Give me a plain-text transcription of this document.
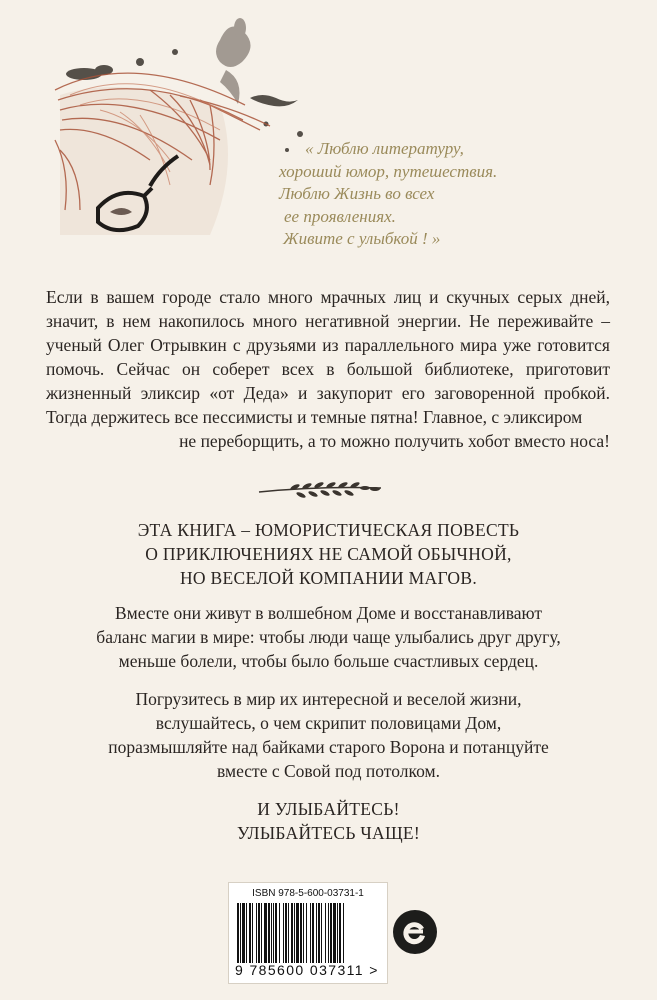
« Люблю литературу,
хороший юмор, путешествия.
Люблю Жизнь во всех
ее проявлениях.
Живите с улыбкой ! »

Если в вашем городе стало много мрачных лиц и скучных серых дней, значит, в нем накопилось много негативной энергии. Не переживайте – ученый Олег Отрывкин с друзьями из параллельного мира уже готовится помочь. Сейчас он соберет всех в большой библиотеке, приготовит жизненный эликсир «от Деда» и закупорит его заговоренной пробкой. Тогда держитесь все пессимисты и темные пятна! Главное, с эликсиром

не переборщить, а то можно получить хобот вместо носа!

ЭТА КНИГА – ЮМОРИСТИЧЕСКАЯ ПОВЕСТЬ
О ПРИКЛЮЧЕНИЯХ НЕ САМОЙ ОБЫЧНОЙ,
НО ВЕСЕЛОЙ КОМПАНИИ МАГОВ.
Вместе они живут в волшебном Доме и восстанавливают
баланс магии в мире: чтобы люди чаще улыбались друг другу,
меньше болели, чтобы было больше счастливых сердец.
Погрузитесь в мир их интересной и веселой жизни,
вслушайтесь, о чем скрипит половицами Дом,
поразмышляйте над байками старого Ворона и потанцуйте
вместе с Совой под потолком.
И УЛЫБАЙТЕСЬ!
УЛЫБАЙТЕСЬ ЧАЩЕ!
ISBN 978-5-600-03731-1
9 785600 037311 >
